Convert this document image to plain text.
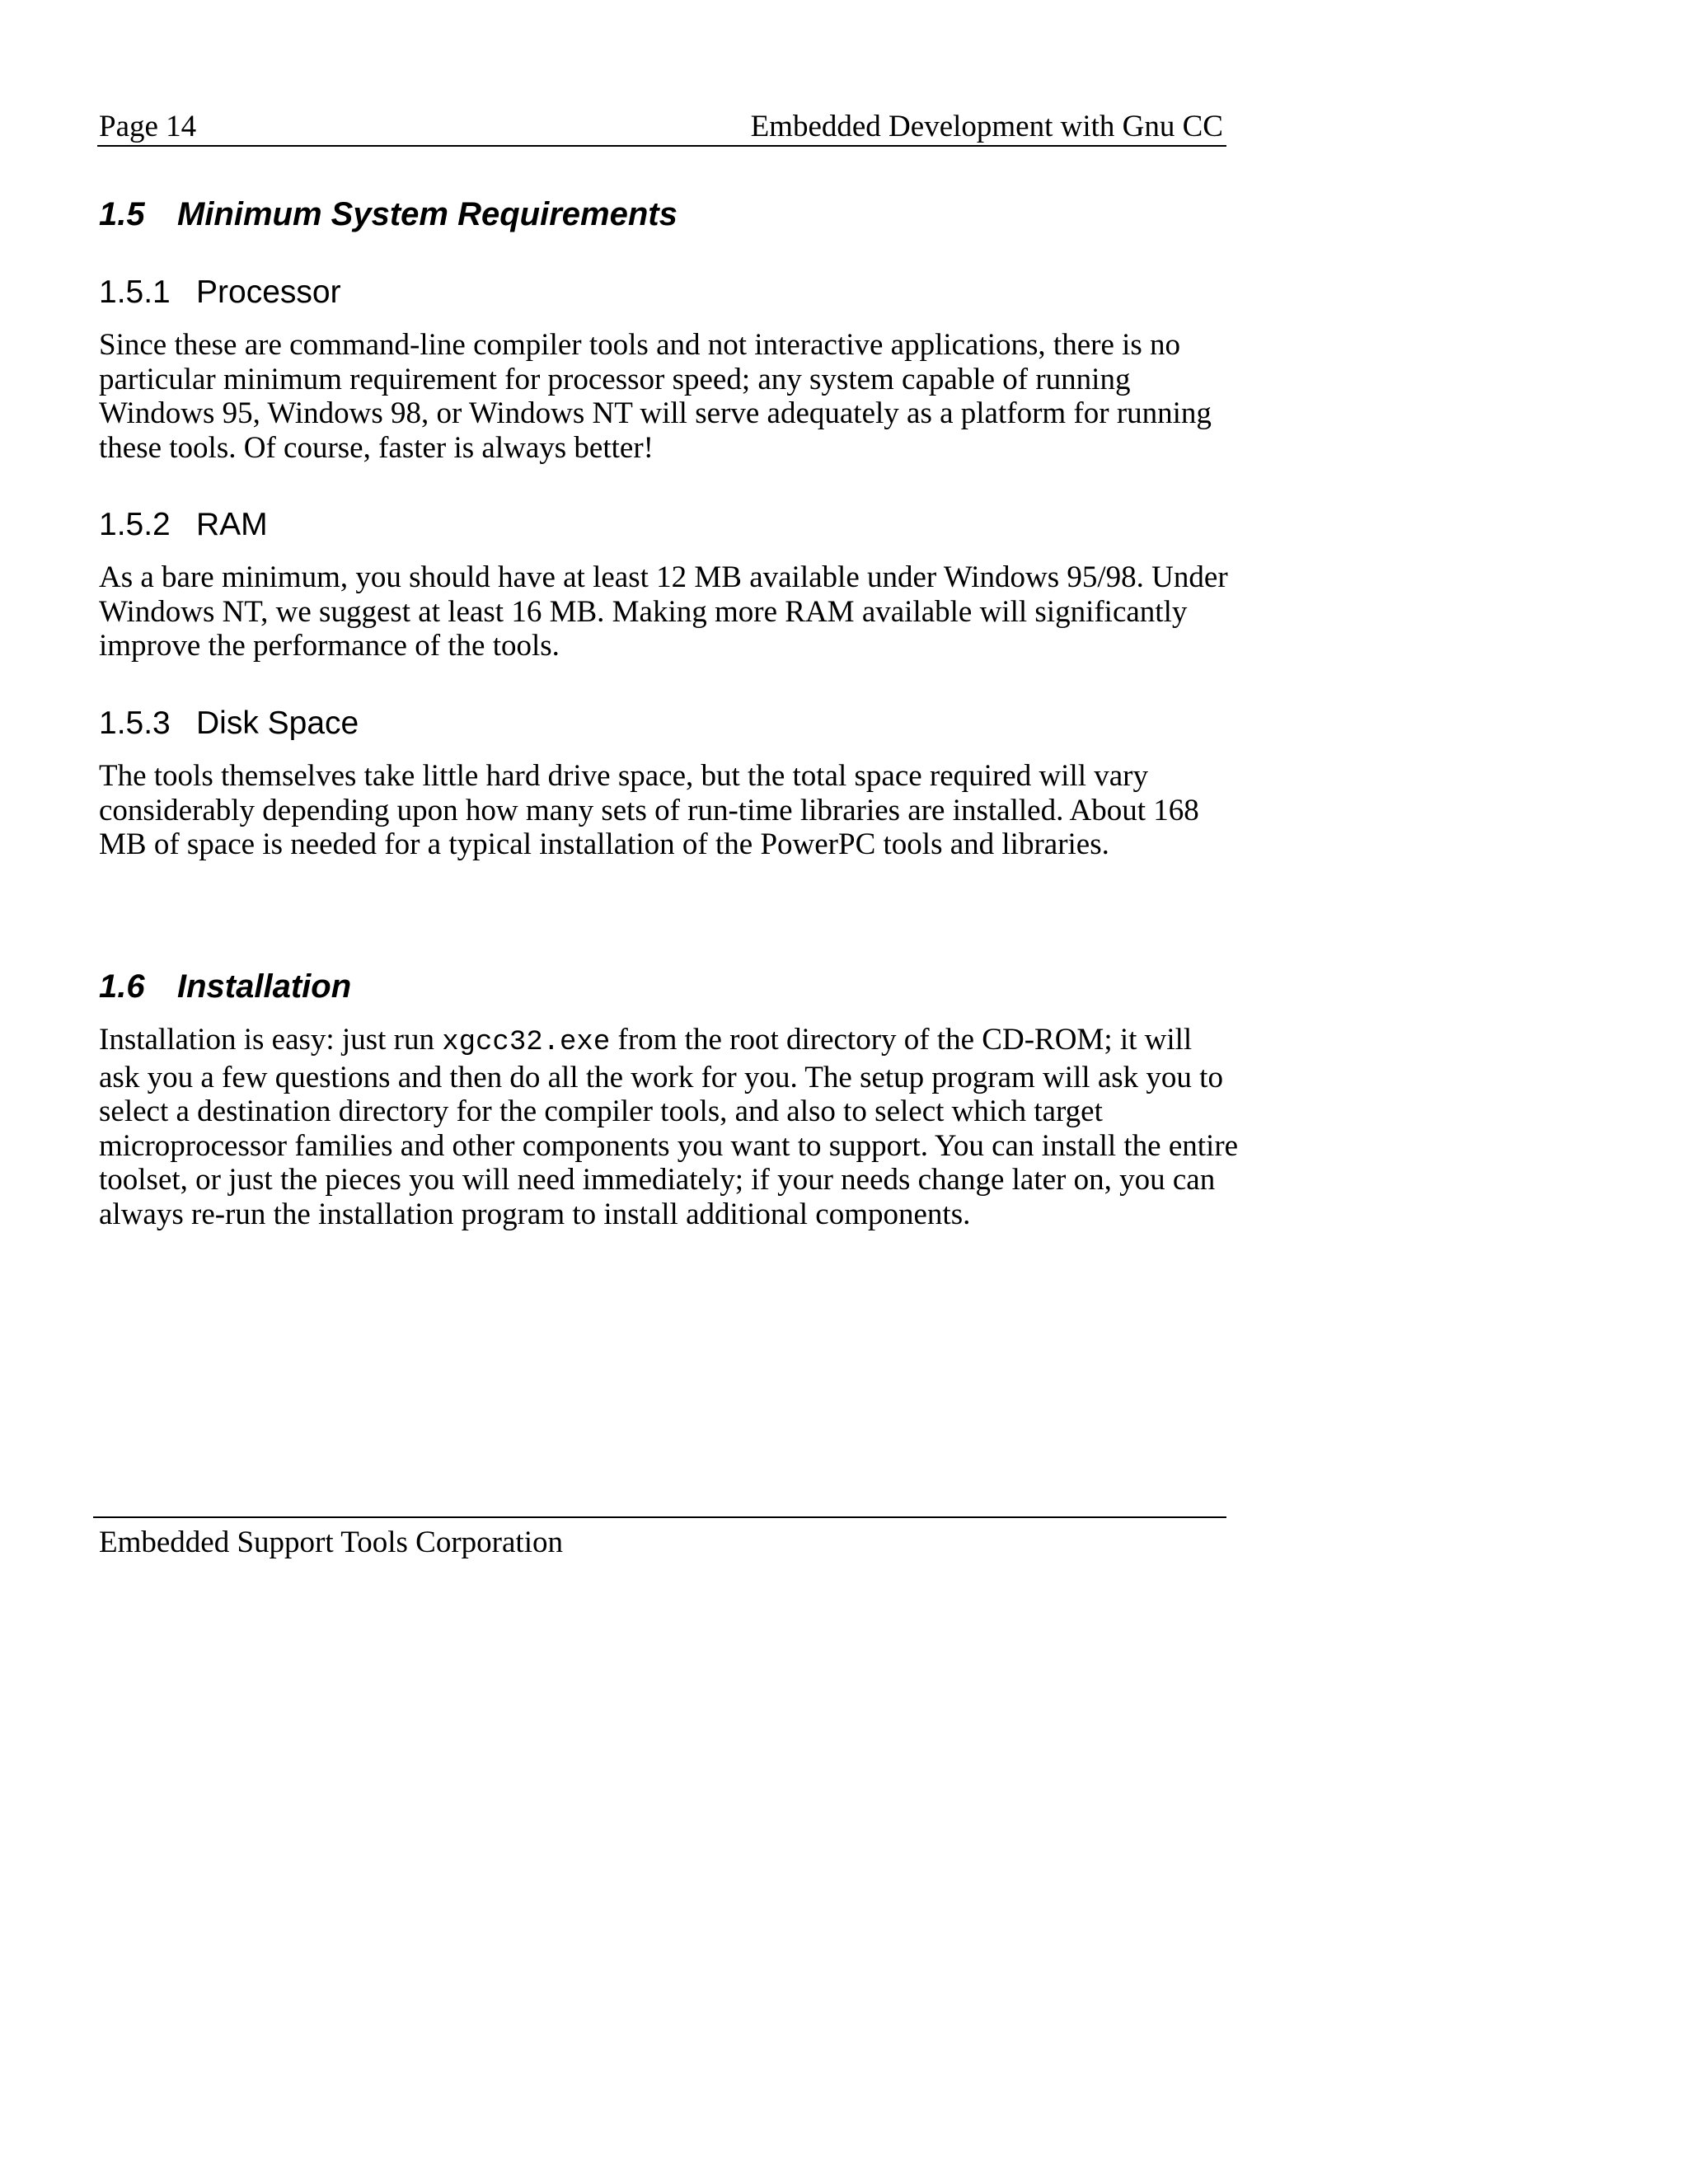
Page 14	Embedded Development with Gnu CC
1.5 Minimum System Requirements
1.5.1 Processor

Since these are command-line compiler tools and not interactive applications, there is no
particular minimum requirement for processor speed; any system capable of running
Windows 95, Windows 98, or Windows NT will serve adequately as a platform for running
these tools. Of course, faster is always better!

1.5.2 RAM

As a bare minimum, you should have at least 12 MB available under Windows 95/98. Under
Windows NT, we suggest at least 16 MB. Making more RAM available will significantly
improve the performance of the tools.

1.5.3 Disk Space

The tools themselves take little hard drive space, but the total space required will vary
considerably depending upon how many sets of run-time libraries are installed. About 168
MB of space is needed for a typical installation of the PowerPC tools and libraries.

1.6 Installation

Installation is easy: just run xgcc32.exe from the root directory of the CD-ROM; it will
ask you a few questions and then do all the work for you. The setup program will ask you to
select a destination directory for the compiler tools, and also to select which target
microprocessor families and other components you want to support. You can install the entire
toolset, or just the pieces you will need immediately; if your needs change later on, you can
always re-run the installation program to install additional components.

Embedded Support Tools Corporation
